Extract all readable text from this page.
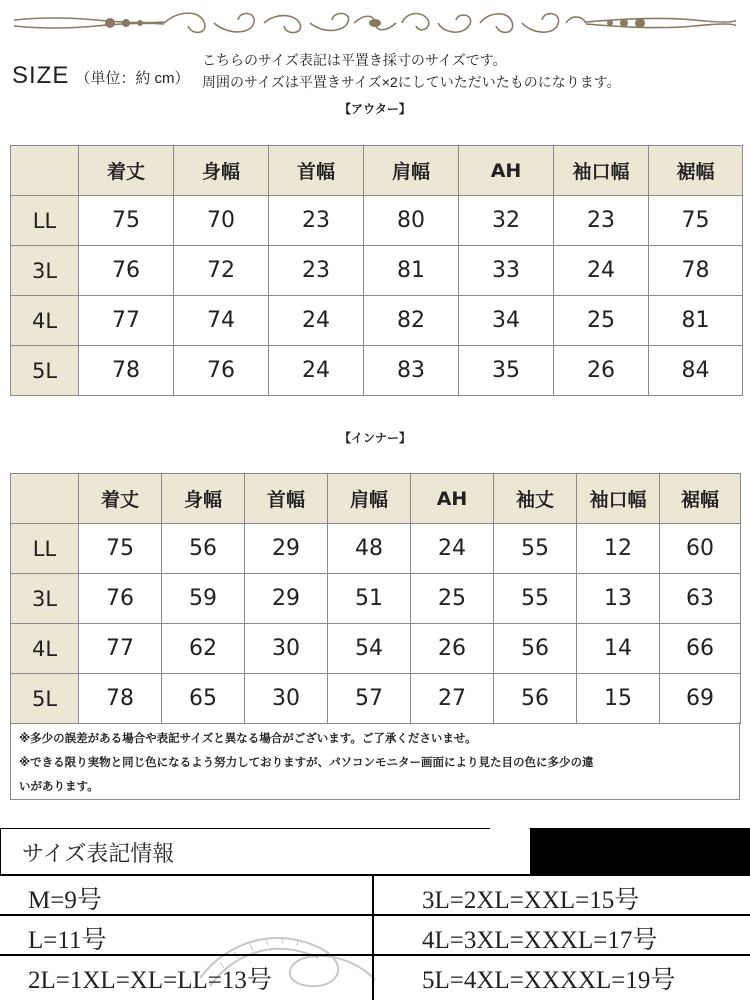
SIZE （単位：約 cm）
こちらのサイズ表記は平置き採寸のサイズです。
周囲のサイズは平置きサイズ×2にしていただいたものになります。
【アウター】
	着丈	身幅	首幅	肩幅	AH	袖口幅	裾幅
LL	75	70	23	80	32	23	75
3L	76	72	23	81	33	24	78
4L	77	74	24	82	34	25	81
5L	78	76	24	83	35	26	84
【インナー】
	着丈	身幅	首幅	肩幅	AH	袖丈	袖口幅	裾幅
LL	75	56	29	48	24	55	12	60
3L	76	59	29	51	25	55	13	63
4L	77	62	30	54	26	56	14	66
5L	78	65	30	57	27	56	15	69
※多少の誤差がある場合や表記サイズと異なる場合がございます。ご了承くださいませ。
※できる限り実物と同じ色になるよう努力しておりますが、パソコンモニター画面により見た目の色に多少の違
いがあります。
サイズ表記情報
M=9号	3L=2XL=XXL=15号
L=11号	4L=3XL=XXXL=17号
2L=1XL=XL=LL=13号	5L=4XL=XXXXL=19号
